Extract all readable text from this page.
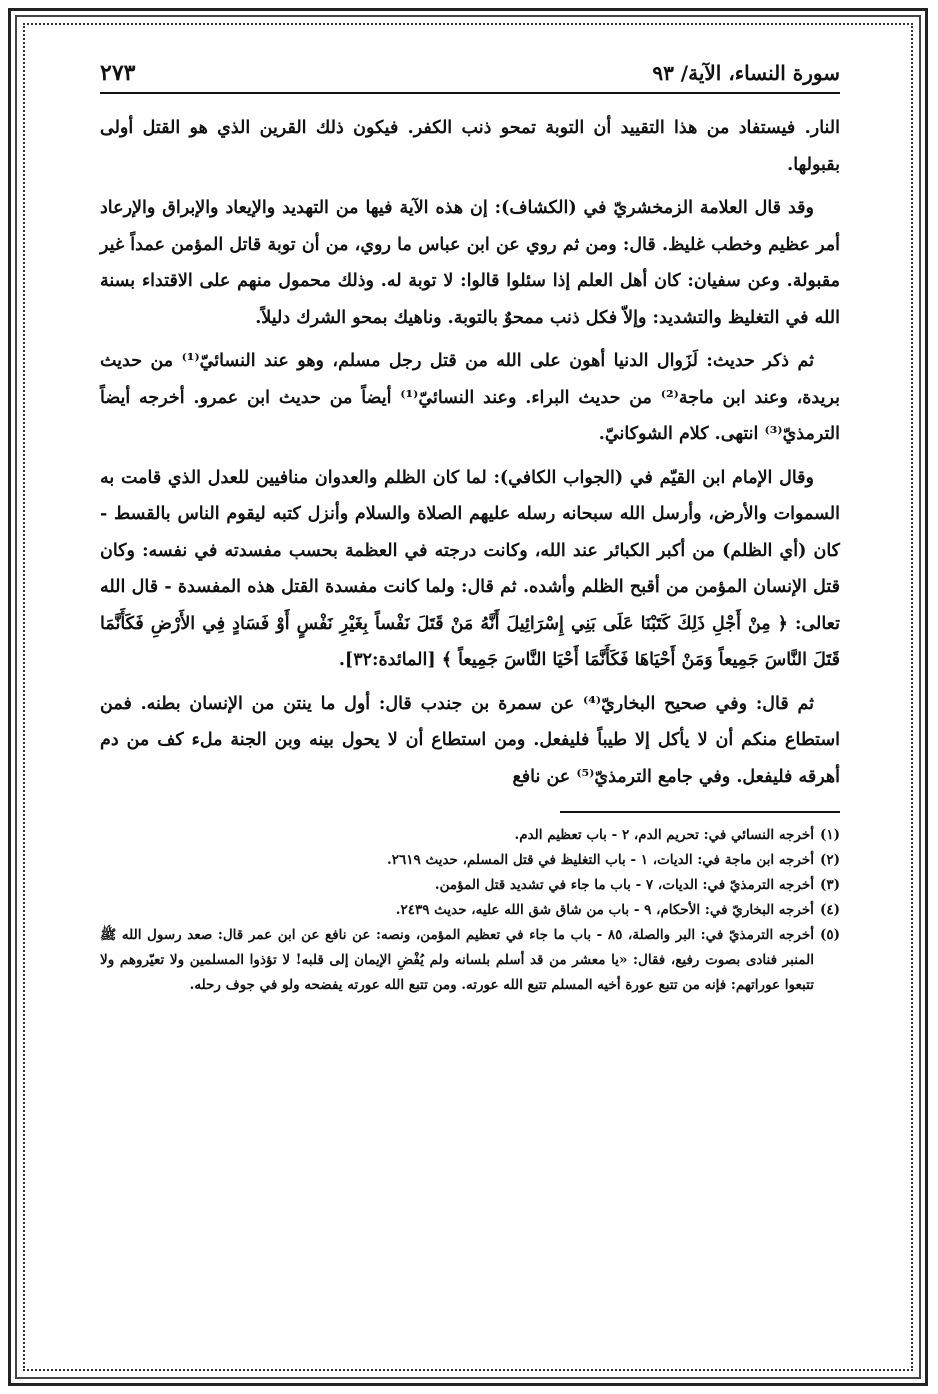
سورة النساء، الآية/ ٩٣
٢٧٣

النار. فيستفاد من هذا التقييد أن التوبة تمحو ذنب الكفر. فيكون ذلك القرين الذي هو القتل أولى بقبولها.

وقد قال العلامة الزمخشريّ في (الكشاف): إن هذه الآية فيها من التهديد والإيعاد والإبراق والإرعاد أمر عظيم وخطب غليظ. قال: ومن ثم روي عن ابن عباس ما روي، من أن توبة قاتل المؤمن عمداً غير مقبولة. وعن سفيان: كان أهل العلم إذا سئلوا قالوا: لا توبة له. وذلك محمول منهم على الاقتداء بسنة الله في التغليظ والتشديد: وإلاّ فكل ذنب ممحوٌ بالتوبة. وناهيك بمحو الشرك دليلاً.

ثم ذكر حديث: لَزَوال الدنيا أهون على الله من قتل رجل مسلم، وهو عند النسائيّ⁽¹⁾ من حديث بريدة، وعند ابن ماجة⁽²⁾ من حديث البراء. وعند النسائيّ⁽¹⁾ أيضاً من حديث ابن عمرو. أخرجه أيضاً الترمذيّ⁽³⁾ انتهى. كلام الشوكانيّ.

وقال الإمام ابن القيّم في (الجواب الكافي): لما كان الظلم والعدوان منافيين للعدل الذي قامت به السموات والأرض، وأرسل الله سبحانه رسله عليهم الصلاة والسلام وأنزل كتبه ليقوم الناس بالقسط - كان (أي الظلم) من أكبر الكبائر عند الله، وكانت درجته في العظمة بحسب مفسدته في نفسه: وكان قتل الإنسان المؤمن من أقبح الظلم وأشده. ثم قال: ولما كانت مفسدة القتل هذه المفسدة - قال الله تعالى: ﴿ مِنْ أَجْلِ ذَلِكَ كَتَبْنَا عَلَى بَنِي إِسْرَائِيلَ أَنَّهُ مَنْ قَتَلَ نَفْساً بِغَيْرِ نَفْسٍ أَوْ فَسَادٍ فِي الأَرْضِ فَكَأَنَّمَا قَتَلَ النَّاسَ جَمِيعاً وَمَنْ أَحْيَاهَا فَكَأَنَّمَا أَحْيَا النَّاسَ جَمِيعاً ﴾ [المائدة:٣٢].

ثم قال: وفي صحيح البخاريّ⁽⁴⁾ عن سمرة بن جندب قال: أول ما ينتن من الإنسان بطنه. فمن استطاع منكم أن لا يأكل إلا طيباً فليفعل. ومن استطاع أن لا يحول بينه وبن الجنة ملء كف من دم أهرقه فليفعل. وفي جامع الترمذيّ⁽⁵⁾ عن نافع

(١)
أخرجه النسائي في: تحريم الدم، ٢ - باب تعظيم الدم.
(٢)
أخرجه ابن ماجة في: الديات، ١ - باب التغليظ في قتل المسلم، حديث ٢٦١٩.
(٣)
أخرجه الترمذيّ في: الديات، ٧ - باب ما جاء في تشديد قتل المؤمن.
(٤)
أخرجه البخاريّ في: الأحكام، ٩ - باب من شاق شق الله عليه، حديث ٢٤٣٩.
(٥)
أخرجه الترمذيّ في: البر والصلة، ٨٥ - باب ما جاء في تعظيم المؤمن، ونصه: عن نافع عن ابن عمر قال: صعد رسول الله ﷺ المنبر فنادى بصوت رفيع، فقال: «يا معشر من قد أسلم بلسانه ولم يُفْضِ الإيمان إلى قلبه! لا تؤذوا المسلمين ولا تعيّروهم ولا تتبعوا عوراتهم: فإنه من تتبع عورة أخيه المسلم تتبع الله عورته. ومن تتبع الله عورته يفضحه ولو في جوف رحله.
